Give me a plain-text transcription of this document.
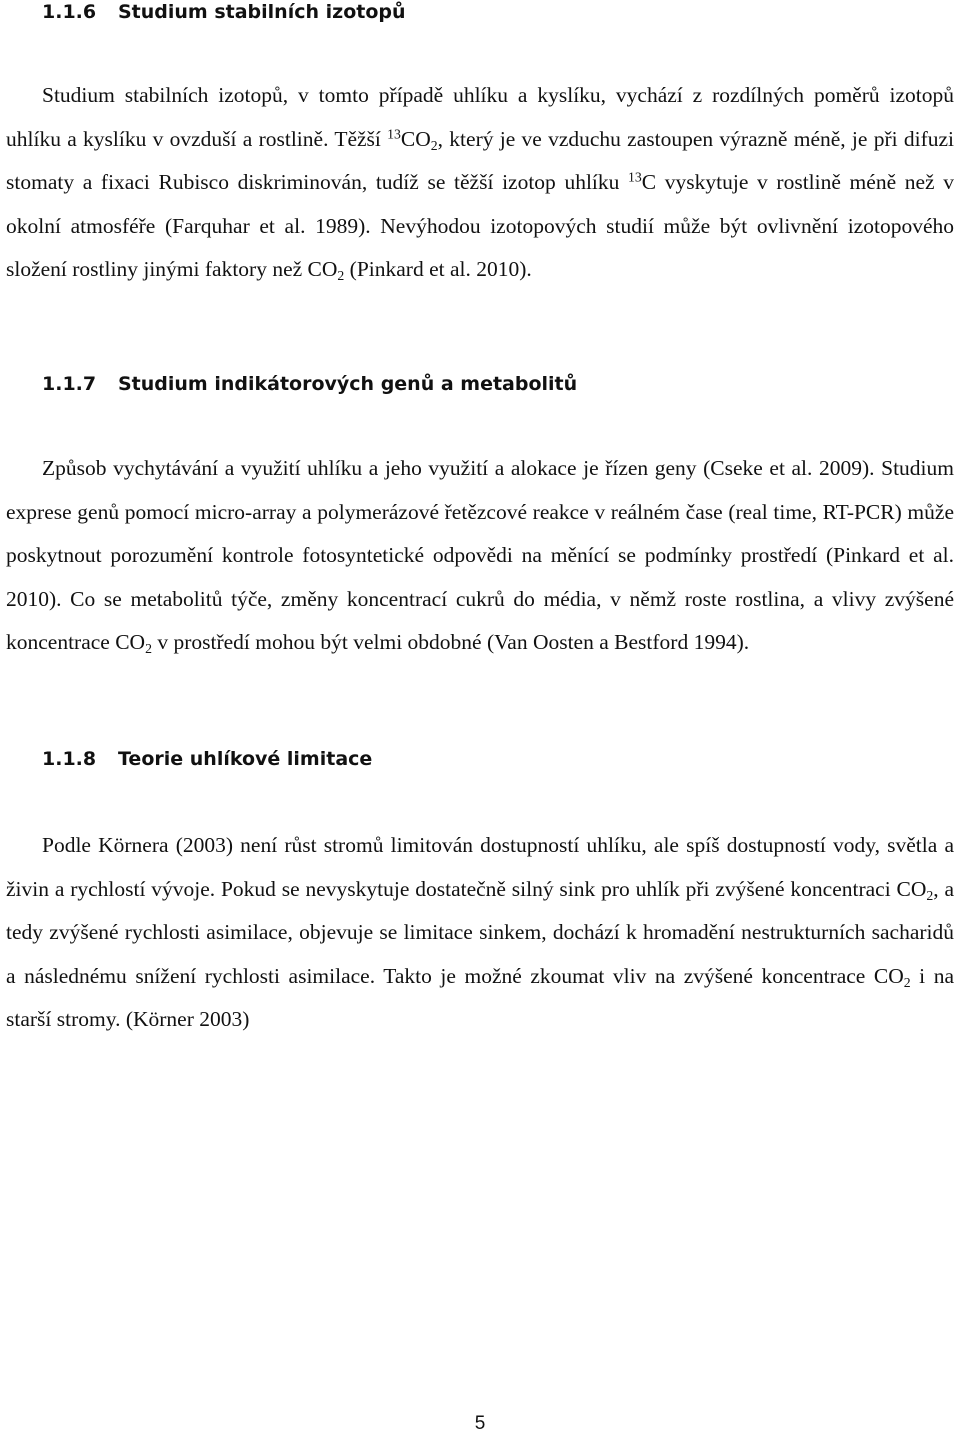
1.1.6 Studium stabilních izotopů

Studium stabilních izotopů, v tomto případě uhlíku a kyslíku, vychází z rozdílných poměrů izotopů uhlíku a kyslíku v ovzduší a rostlině. Těžší $^{13}CO_2$, který je ve vzduchu zastoupen výrazně méně, je při difuzi stomaty a fixaci Rubisco diskriminován, tudíž se těžší izotop uhlíku $^{13}$C vyskytuje v rostlině méně než v okolní atmosféře (Farquhar et al. 1989). Nevýhodou izotopových studií může být ovlivnění izotopového složení rostliny jinými faktory než $CO_2$ (Pinkard et al. 2010).

1.1.7 Studium indikátorových genů a metabolitů

Způsob vychytávání a využití uhlíku a jeho využití a alokace je řízen geny (Cseke et al. 2009). Studium exprese genů pomocí micro-array a polymerázové řetězcové reakce v reálném čase (real time, RT-PCR) může poskytnout porozumění kontrole fotosyntetické odpovědi na měnící se podmínky prostředí (Pinkard et al. 2010). Co se metabolitů týče, změny koncentrací cukrů do média, v němž roste rostlina, a vlivy zvýšené koncentrace $CO_2$ v prostředí mohou být velmi obdobné (Van Oosten a Bestford 1994).

1.1.8 Teorie uhlíkové limitace

Podle Körnera (2003) není růst stromů limitován dostupností uhlíku, ale spíš dostupností vody, světla a živin a rychlostí vývoje. Pokud se nevyskytuje dostatečně silný sink pro uhlík při zvýšené koncentraci $CO_2$, a tedy zvýšené rychlosti asimilace, objevuje se limitace sinkem, dochází k hromadění nestrukturních sacharidů a následnému snížení rychlosti asimilace. Takto je možné zkoumat vliv na zvýšené koncentrace $CO_2$ i na starší stromy. (Körner 2003)

5
